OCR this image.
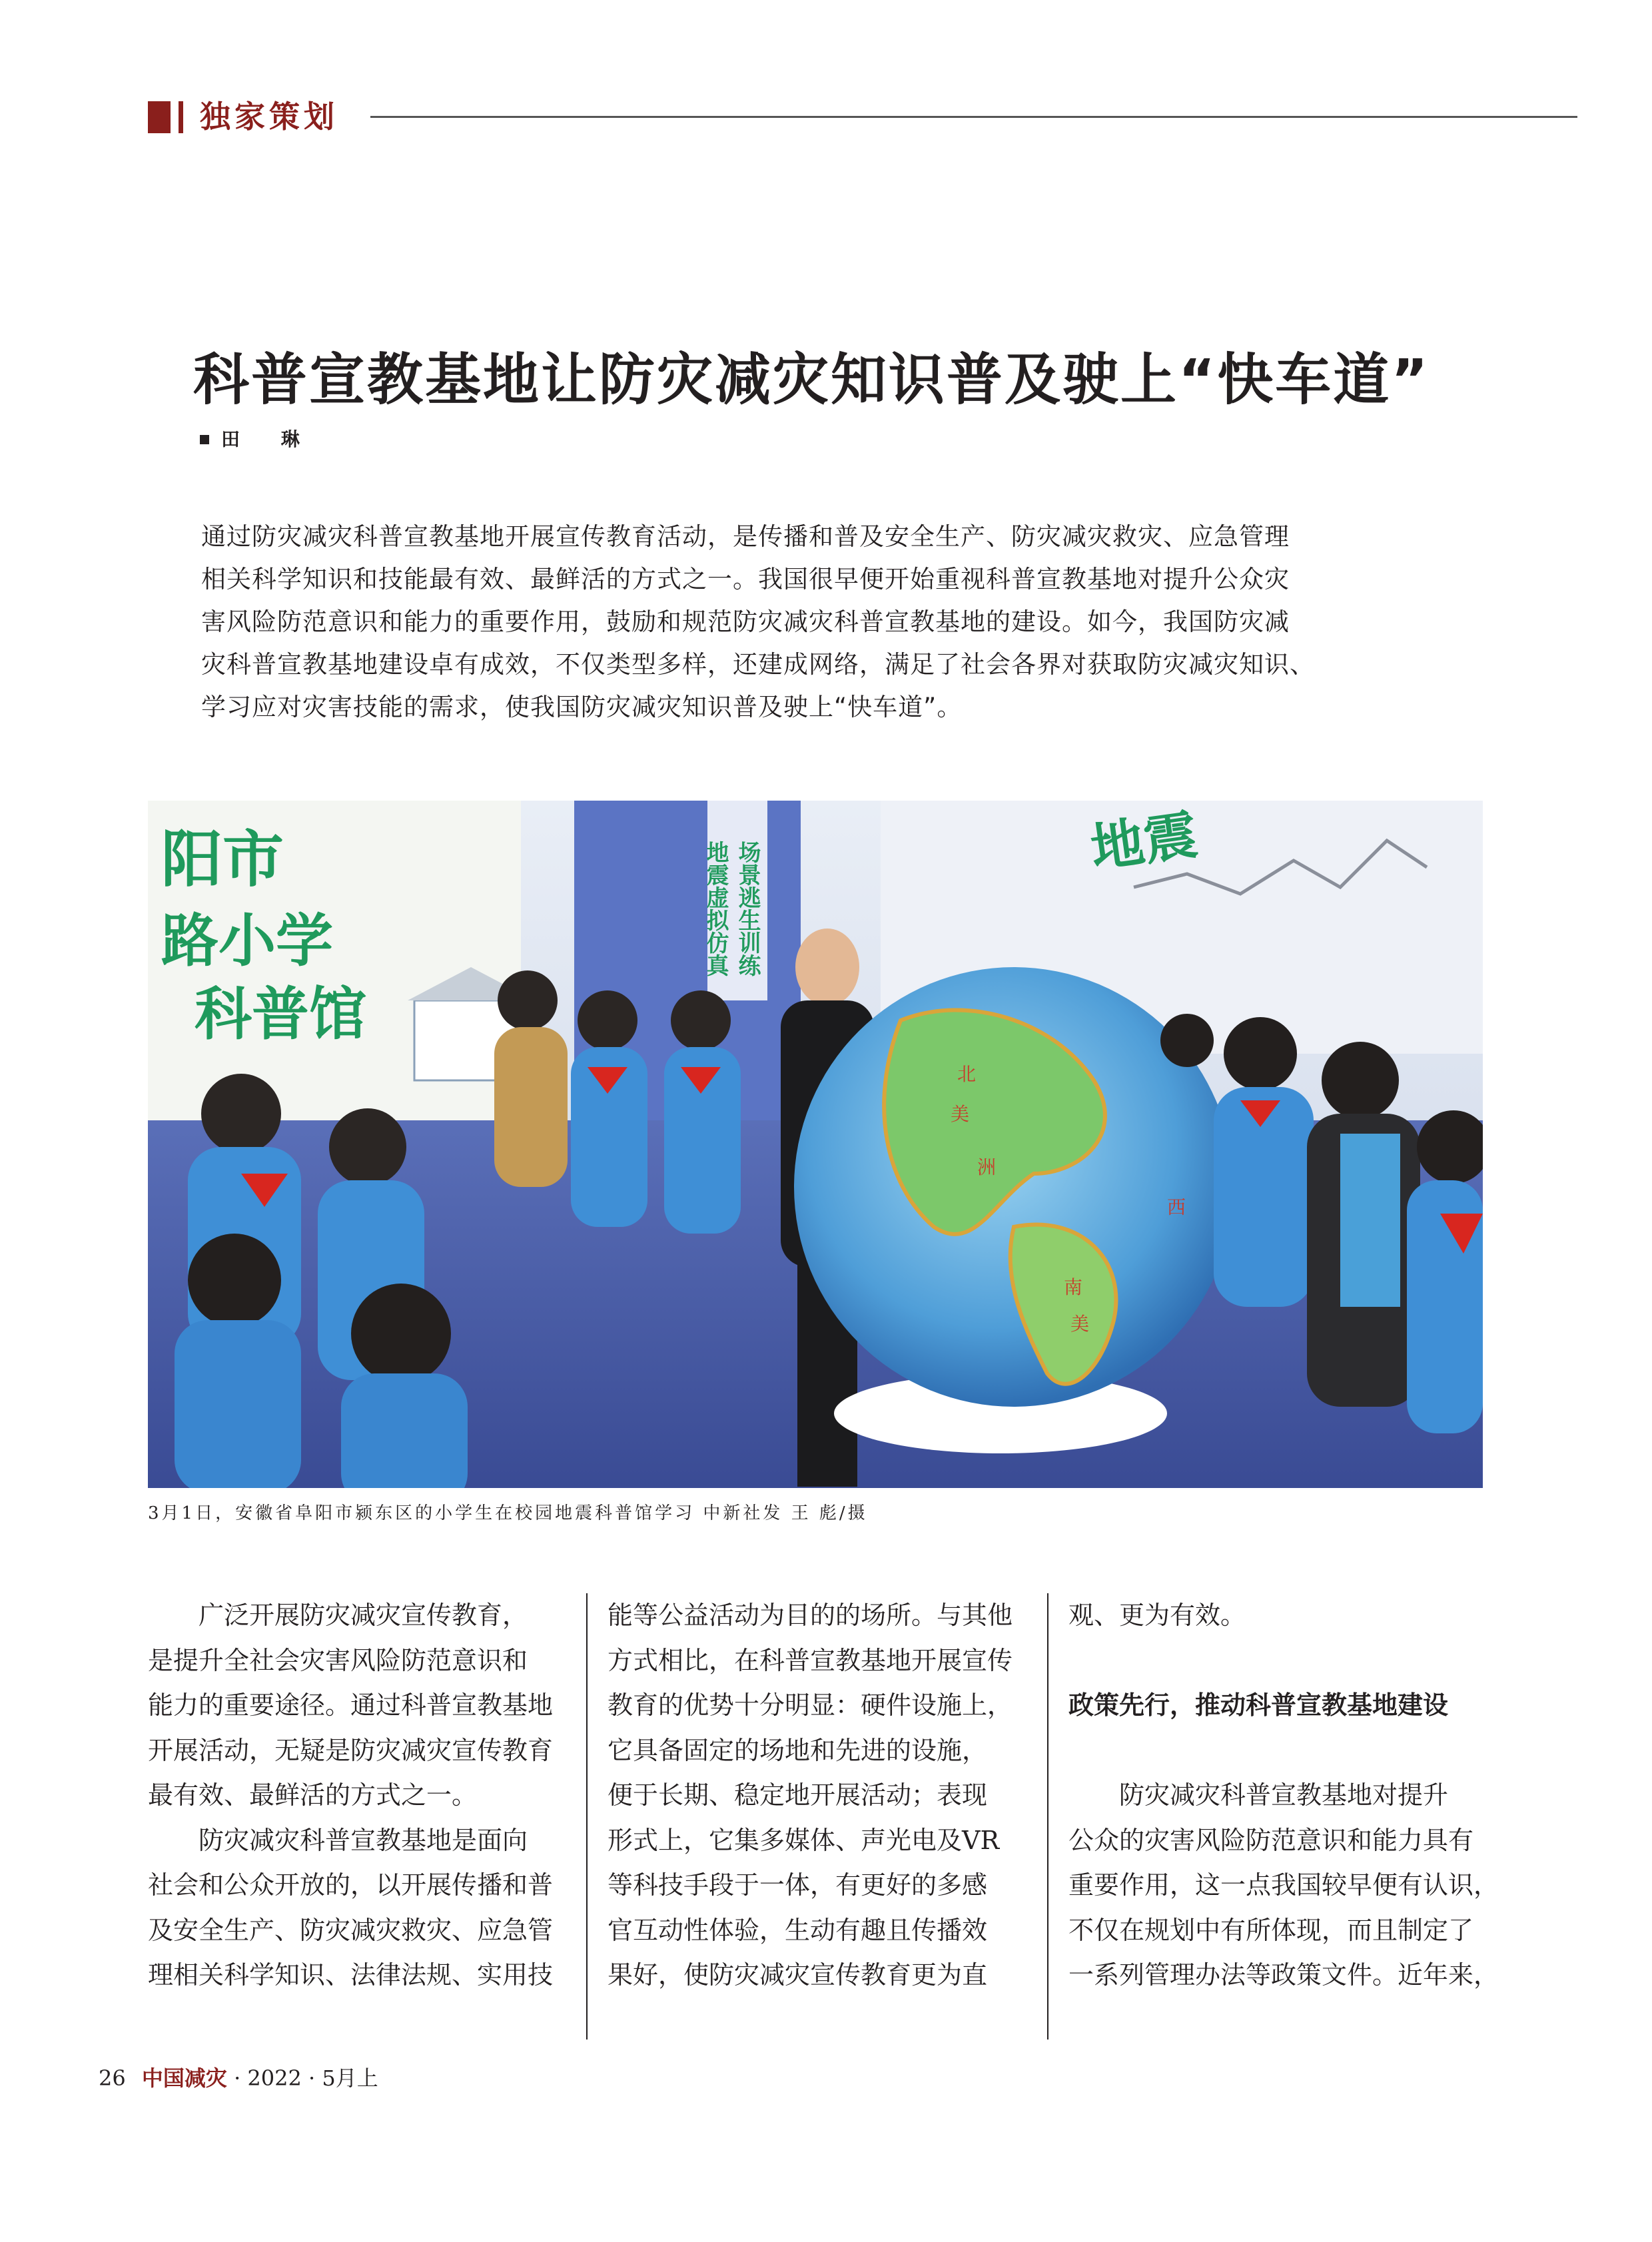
独家策划
科普宣教基地让防灾减灾知识普及驶上“快车道”
田 琳
通过防灾减灾科普宣教基地开展宣传教育活动，是传播和普及安全生产、防灾减灾救灾、应急管理
相关科学知识和技能最有效、最鲜活的方式之一。我国很早便开始重视科普宣教基地对提升公众灾
害风险防范意识和能力的重要作用，鼓励和规范防灾减灾科普宣教基地的建设。如今，我国防灾减
灾科普宣教基地建设卓有成效，不仅类型多样，还建成网络，满足了社会各界对获取防灾减灾知识、
学习应对灾害技能的需求，使我国防灾减灾知识普及驶上“快车道”。
阳市
路小学
科普馆
地震虚拟仿真 场景逃生训练	地震
北
美
洲
南
美
西
3月1日，安徽省阜阳市颍东区的小学生在校园地震科普馆学习 中新社发 王 彪/摄
广泛开展防灾减灾宣传教育，
是提升全社会灾害风险防范意识和
能力的重要途径。通过科普宣教基地
开展活动，无疑是防灾减灾宣传教育
最有效、最鲜活的方式之一。
防灾减灾科普宣教基地是面向
社会和公众开放的，以开展传播和普
及安全生产、防灾减灾救灾、应急管
理相关科学知识、法律法规、实用技
能等公益活动为目的的场所。与其他
方式相比，在科普宣教基地开展宣传
教育的优势十分明显：硬件设施上，
它具备固定的场地和先进的设施，
便于长期、稳定地开展活动；表现
形式上，它集多媒体、声光电及VR
等科技手段于一体，有更好的多感
官互动性体验，生动有趣且传播效
果好，使防灾减灾宣传教育更为直
观、更为有效。
政策先行，推动科普宣教基地建设
防灾减灾科普宣教基地对提升
公众的灾害风险防范意识和能力具有
重要作用，这一点我国较早便有认识，
不仅在规划中有所体现，而且制定了
一系列管理办法等政策文件。近年来，
26 中国减灾 · 2022 · 5月上
